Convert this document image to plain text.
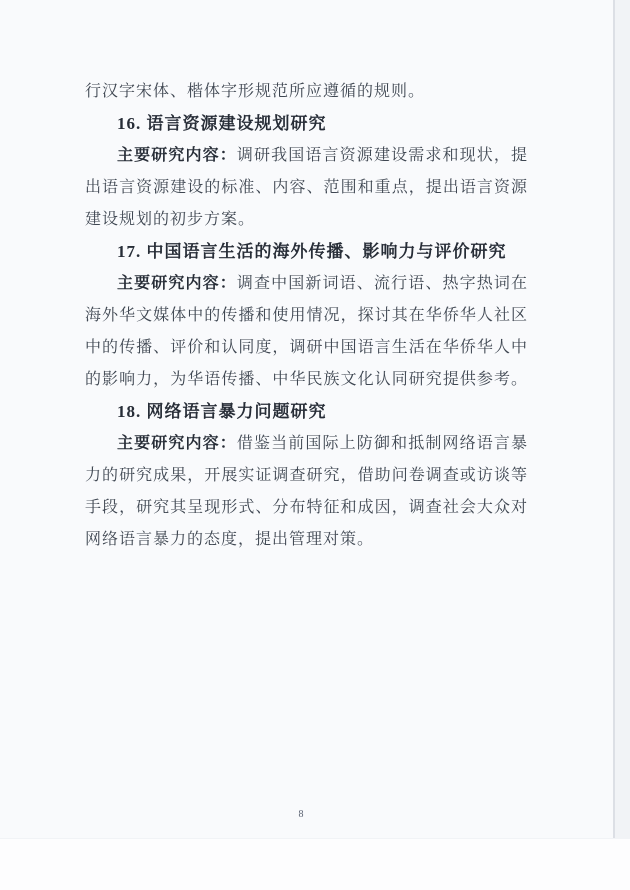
行汉字宋体、楷体字形规范所应遵循的规则。
16. 语言资源建设规划研究
主要研究内容：调研我国语言资源建设需求和现状，提
出语言资源建设的标准、内容、范围和重点，提出语言资源
建设规划的初步方案。
17. 中国语言生活的海外传播、影响力与评价研究
主要研究内容：调查中国新词语、流行语、热字热词在
海外华文媒体中的传播和使用情况，探讨其在华侨华人社区
中的传播、评价和认同度，调研中国语言生活在华侨华人中
的影响力，为华语传播、中华民族文化认同研究提供参考。
18. 网络语言暴力问题研究
主要研究内容：借鉴当前国际上防御和抵制网络语言暴
力的研究成果，开展实证调查研究，借助问卷调查或访谈等
手段，研究其呈现形式、分布特征和成因，调查社会大众对
网络语言暴力的态度，提出管理对策。
8
